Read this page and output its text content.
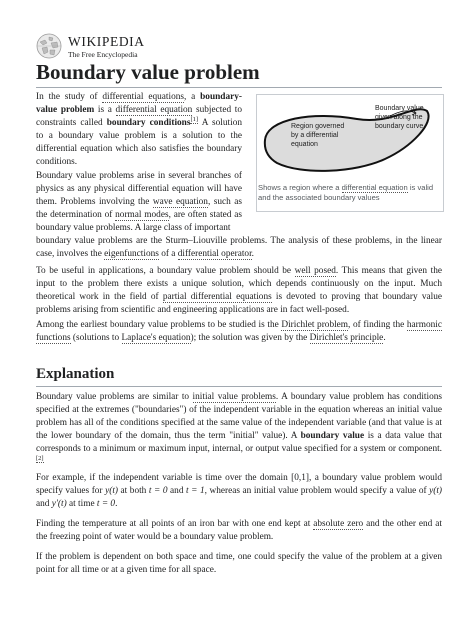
WIKIPEDIA
The Free Encyclopedia
Boundary value problem
Region governed by a differential equation
Boundary value given along the boundary curve
Shows a region where a differential equation is valid and the associated boundary values
In the study of differential equations, a boundary-value problem is a differential equation subjected to constraints called boundary conditions[1] A solution to a boundary value problem is a solution to the differential equation which also satisfies the boundary conditions.
Boundary value problems arise in several branches of physics as any physical differential equation will have them. Problems involving the wave equation, such as the determination of normal modes, are often stated as boundary value problems. A large class of important
boundary value problems are the Sturm–Liouville problems. The analysis of these problems, in the linear case, involves the eigenfunctions of a differential operator.
To be useful in applications, a boundary value problem should be well posed. This means that given the input to the problem there exists a unique solution, which depends continuously on the input. Much theoretical work in the field of partial differential equations is devoted to proving that boundary value problems arising from scientific and engineering applications are in fact well-posed.
Among the earliest boundary value problems to be studied is the Dirichlet problem, of finding the harmonic functions (solutions to Laplace's equation); the solution was given by the Dirichlet's principle.
Explanation
Boundary value problems are similar to initial value problems. A boundary value problem has conditions specified at the extremes ("boundaries") of the independent variable in the equation whereas an initial value problem has all of the conditions specified at the same value of the independent variable (and that value is at the lower boundary of the domain, thus the term "initial" value). A boundary value is a data value that corresponds to a minimum or maximum input, internal, or output value specified for a system or component.[2]
For example, if the independent variable is time over the domain [0,1], a boundary value problem would specify values for y(t) at both t = 0 and t = 1, whereas an initial value problem would specify a value of y(t) and y′(t) at time t = 0.
Finding the temperature at all points of an iron bar with one end kept at absolute zero and the other end at the freezing point of water would be a boundary value problem.
If the problem is dependent on both space and time, one could specify the value of the problem at a given point for all time or at a given time for all space.
